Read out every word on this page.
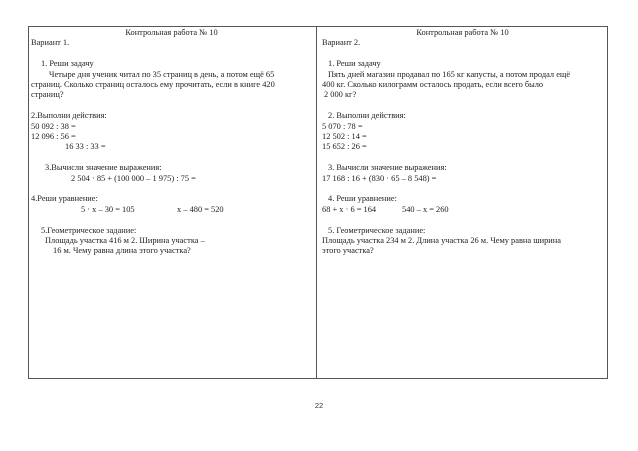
Контрольная работа № 10
Вариант 1.
1. Реши задачу
Четыре дня ученик читал по 35 страниц в день, а потом ещё 65
страниц. Сколько страниц осталось ему прочитать, если в книге 420
страниц?
2.Выполни действия:
50 092 : 38 =
12 096 : 56 =
16 33 : 33 =
3.Вычисли значение выражения:
2 504 · 85 + (100 000 – 1 975) : 75 =
4.Реши уравнение:
5 · x – 30 = 105	х – 480 = 520
5.Геометрическое задание:
Площадь участка 416 м 2. Ширина участка –
16 м. Чему равна длина этого участка?
Контрольная работа № 10
Вариант 2.
1. Реши задачу
Пять дней магазин продавал по 165 кг капусты, а потом продал ещё
400 кг. Сколько килограмм осталось продать, если всего было
2 000 кг?
2. Выполни действия:
5 070 : 78 =
12 502 : 14 =
15 652 : 26 =
3. Вычисли значение выражения:
17 168 : 16 + (830 · 65 – 8 548) =
4. Реши уравнение:
68 + х · 6 = 164	540 – х = 260
5. Геометрическое задание:
Площадь участка 234 м 2. Длина участка 26 м. Чему равна ширина
этого участка?
22
